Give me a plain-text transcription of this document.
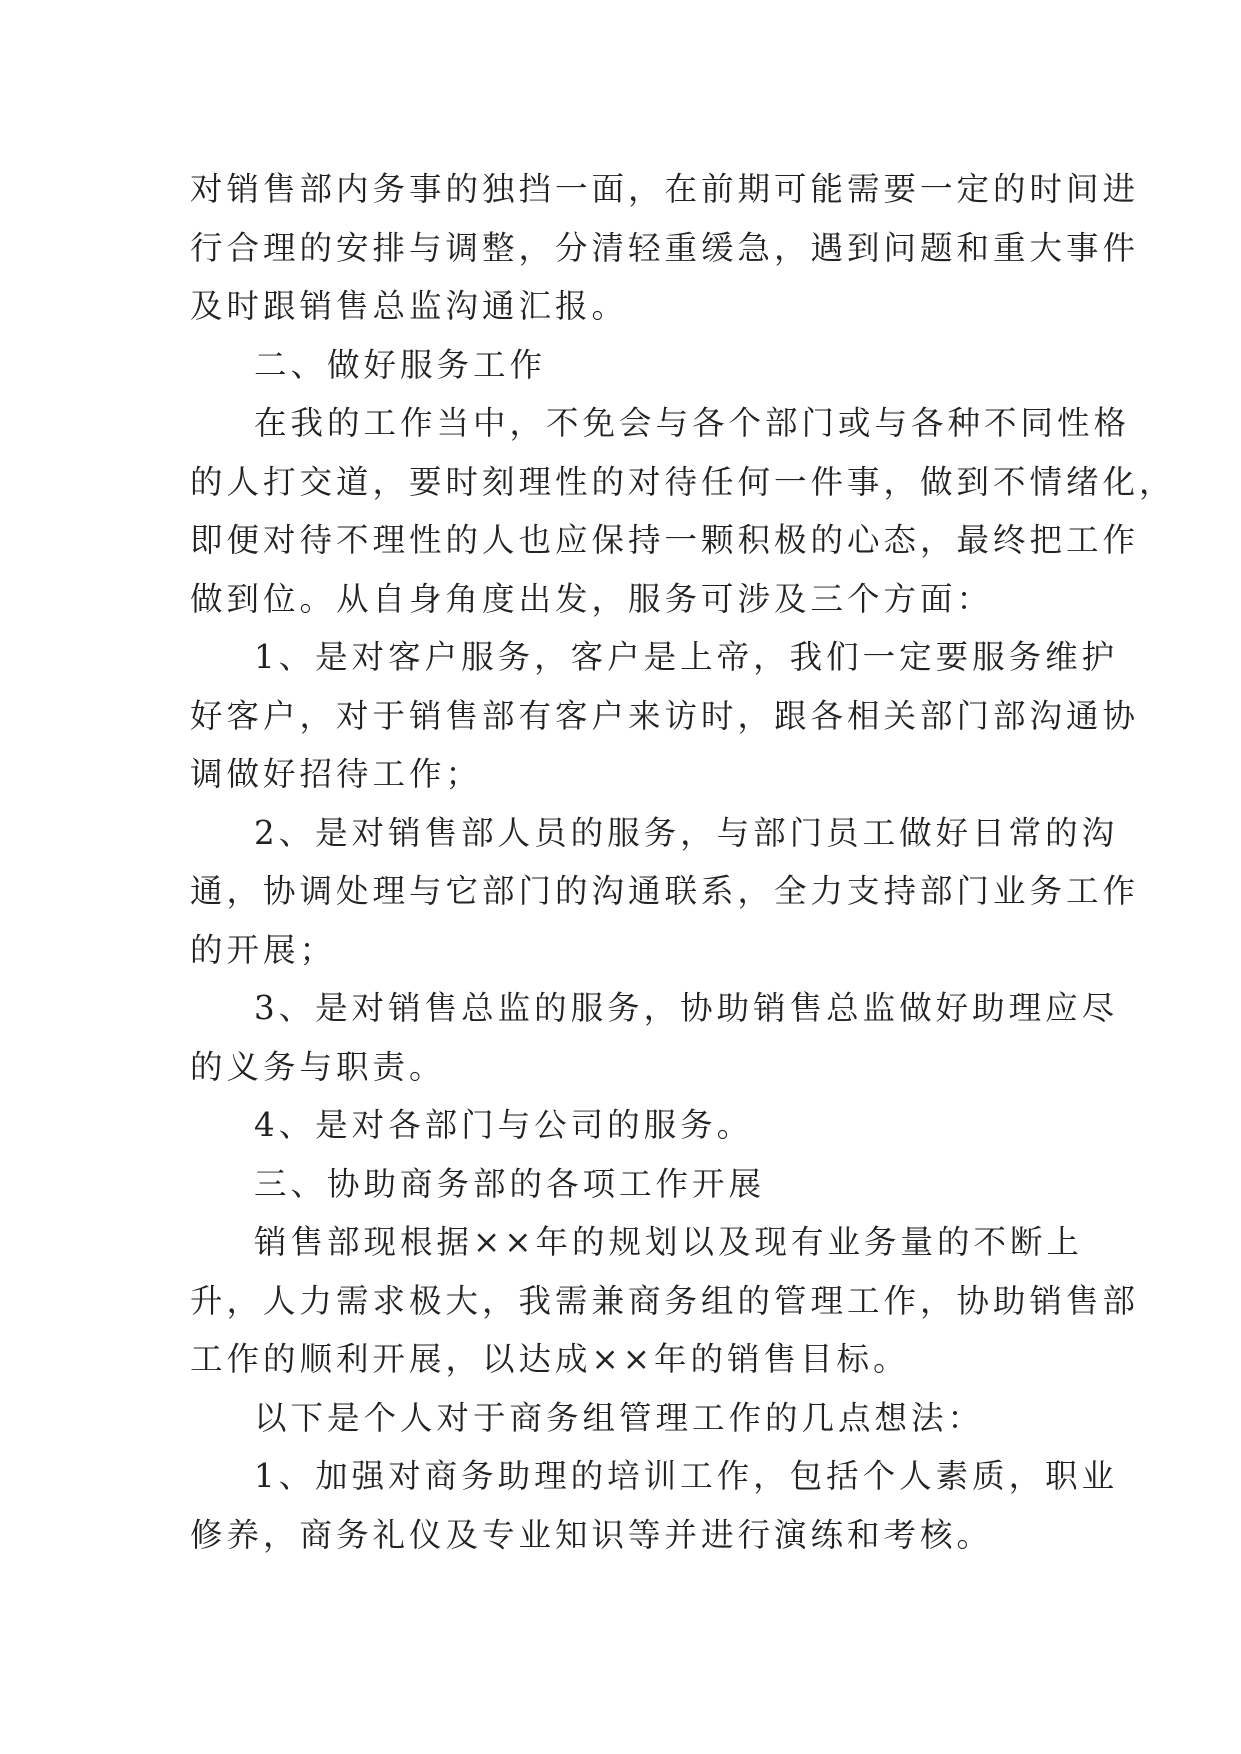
对销售部内务事的独挡一面，在前期可能需要一定的时间进

行合理的安排与调整，分清轻重缓急，遇到问题和重大事件

及时跟销售总监沟通汇报。

二、做好服务工作

在我的工作当中，不免会与各个部门或与各种不同性格

的人打交道，要时刻理性的对待任何一件事，做到不情绪化，

即便对待不理性的人也应保持一颗积极的心态，最终把工作

做到位。从自身角度出发，服务可涉及三个方面：

1、是对客户服务，客户是上帝，我们一定要服务维护

好客户，对于销售部有客户来访时，跟各相关部门部沟通协

调做好招待工作；

2、是对销售部人员的服务，与部门员工做好日常的沟

通，协调处理与它部门的沟通联系，全力支持部门业务工作

的开展；

3、是对销售总监的服务，协助销售总监做好助理应尽

的义务与职责。

4、是对各部门与公司的服务。

三、协助商务部的各项工作开展

销售部现根据××年的规划以及现有业务量的不断上

升，人力需求极大，我需兼商务组的管理工作，协助销售部

工作的顺利开展，以达成××年的销售目标。

以下是个人对于商务组管理工作的几点想法：

1、加强对商务助理的培训工作，包括个人素质，职业

修养，商务礼仪及专业知识等并进行演练和考核。
